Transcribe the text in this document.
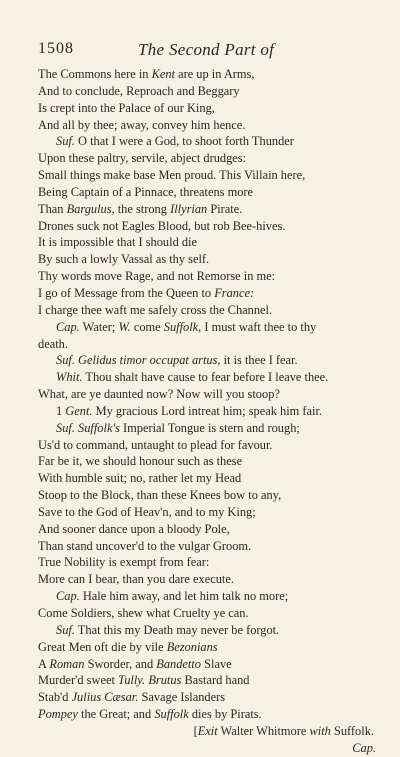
1508	The Second Part of
The Commons here in Kent are up in Arms,
And to conclude, Reproach and Beggary
Is crept into the Palace of our King,
And all by thee; away, convey him hence.
Suf. O that I were a God, to shoot forth Thunder
Upon these paltry, servile, abject drudges:
Small things make base Men proud. This Villain here,
Being Captain of a Pinnace, threatens more
Than Bargulus, the strong Illyrian Pirate.
Drones suck not Eagles Blood, but rob Bee-hives.
It is impossible that I should die
By such a lowly Vassal as thy self.
Thy words move Rage, and not Remorse in me:
I go of Message from the Queen to France:
I charge thee waft me safely cross the Channel.
Cap. Water; W. come Suffolk, I must waft thee to thy
death.
Suf. Gelidus timor occupat artus, it is thee I fear.
Whit. Thou shalt have cause to fear before I leave thee.
What, are ye daunted now? Now will you stoop?
1 Gent. My gracious Lord intreat him; speak him fair.
Suf. Suffolk's Imperial Tongue is stern and rough;
Us'd to command, untaught to plead for favour.
Far be it, we should honour such as these
With humble suit; no, rather let my Head
Stoop to the Block, than these Knees bow to any,
Save to the God of Heav'n, and to my King;
And sooner dance upon a bloody Pole,
Than stand uncover'd to the vulgar Groom.
True Nobility is exempt from fear:
More can I bear, than you dare execute.
Cap. Hale him away, and let him talk no more;
Come Soldiers, shew what Cruelty ye can.
Suf. That this my Death may never be forgot.
Great Men oft die by vile Bezonians
A Roman Sworder, and Bandetto Slave
Murder'd sweet Tully. Brutus Bastard hand
Stab'd Julius Cæsar. Savage Islanders
Pompey the Great; and Suffolk dies by Pirats.
[Exit Walter Whitmore with Suffolk.
Cap.
